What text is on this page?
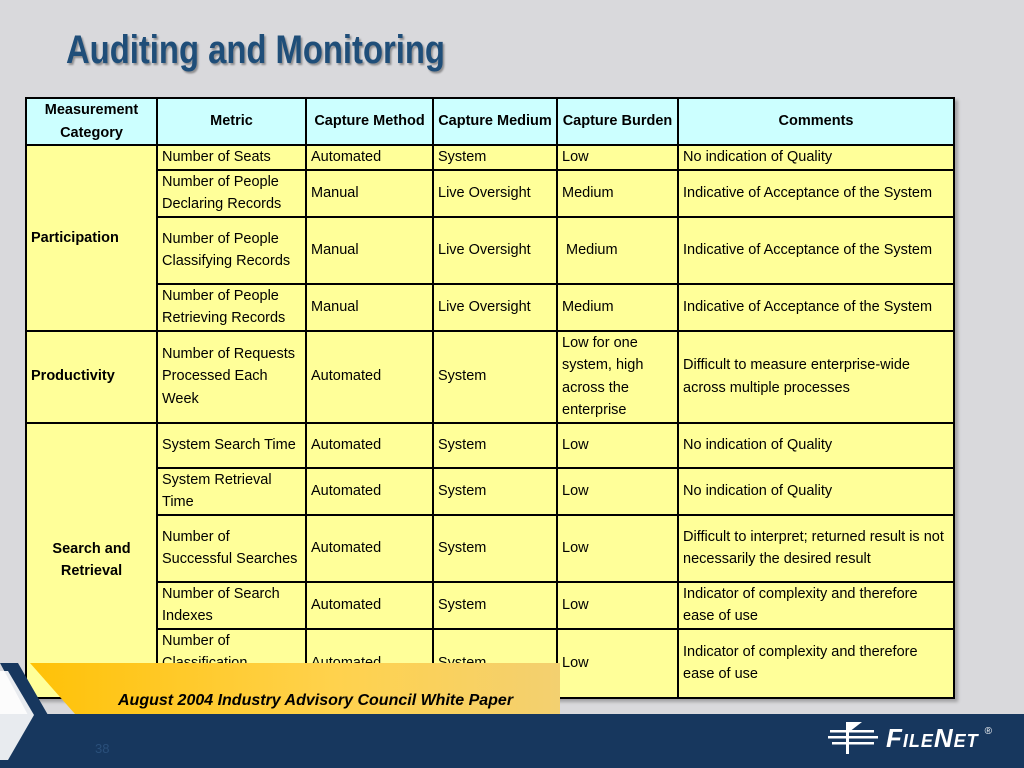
Auditing and Monitoring
Measurement Category	Metric	Capture Method	Capture Medium	Capture Burden	Comments
Participation	Number of Seats	Automated	System	Low	No indication of Quality
	Number of People Declaring Records	Manual	Live Oversight	Medium	Indicative of Acceptance of the System
	Number of People Classifying Records	Manual	Live Oversight	Medium	Indicative of Acceptance of the System
	Number of People Retrieving Records	Manual	Live Oversight	Medium	Indicative of Acceptance of the System
Productivity	Number of Requests Processed Each Week	Automated	System	Low for one system, high across the enterprise	Difficult to measure enterprise-wide across multiple processes
Search and Retrieval	System Search Time	Automated	System	Low	No indication of Quality
	System Retrieval Time	Automated	System	Low	No indication of Quality
	Number of Successful Searches	Automated	System	Low	Difficult to interpret; returned result is not necessarily the desired result
	Number of Search Indexes	Automated	System	Low	Indicator of complexity and therefore ease of use
	Number of			Low	Indicator of complexity and therefore ease of use
August 2004 Industry Advisory Council White Paper
38	FileNet ®
